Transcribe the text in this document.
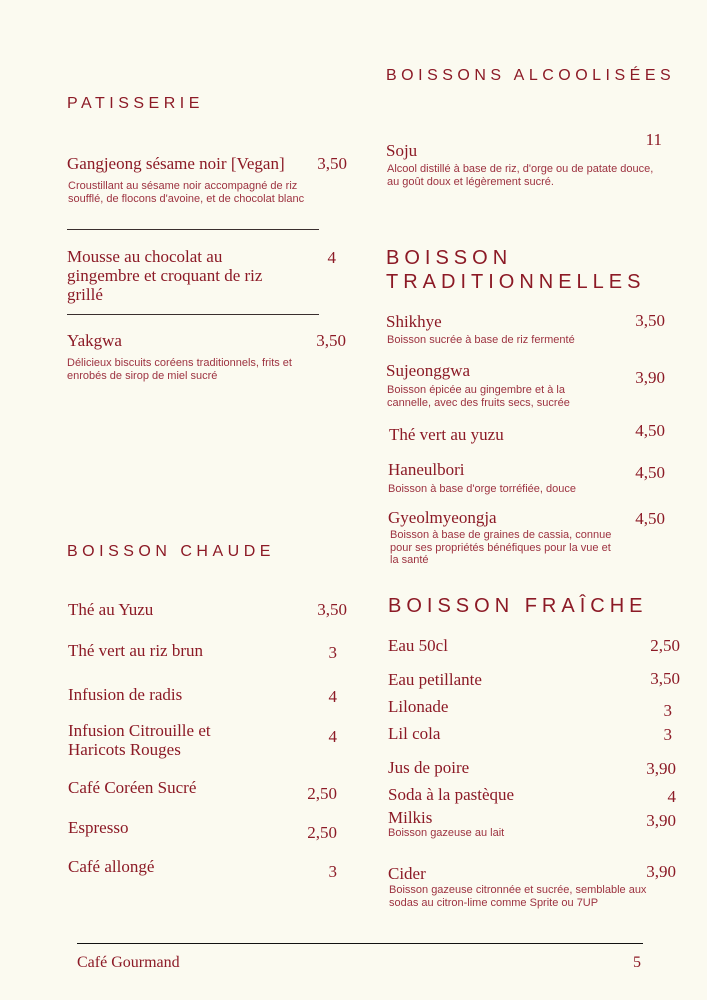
PATISSERIE
Gangjeong sésame noir [Vegan]	3,50
Croustillant au sésame noir accompagné de riz soufflé, de flocons d'avoine, et de chocolat blanc
Mousse au chocolat au gingembre et croquant de riz grillé
4
Yakgwa	3,50
Délicieux biscuits coréens traditionnels, frits et enrobés de sirop de miel sucré
BOISSON CHAUDE
Thé au Yuzu	3,50
Thé vert au riz brun	3
Infusion de radis	4
Infusion Citrouille et Haricots Rouges
4
Café Coréen Sucré	2,50
Espresso	2,50
Café allongé	3
BOISSONS ALCOOLISÉES
Soju
11
Alcool distillé à base de riz, d'orge ou de patate douce, au goût doux et légèrement sucré.
BOISSON
TRADITIONNELLES
Shikhye	3,50
Boisson sucrée à base de riz fermenté
Sujeonggwa	3,90
Boisson épicée au gingembre et à la cannelle, avec des fruits secs, sucrée
Thé vert au yuzu	4,50
Haneulbori	4,50
Boisson à base d'orge torréfiée, douce
Gyeolmyeongja	4,50
Boisson à base de graines de cassia, connue pour ses propriétés bénéfiques pour la vue et la santé
BOISSON FRAÎCHE
Eau 50cl	2,50
Eau petillante	3,50
Lilonade	3
Lil cola	3
Jus de poire	3,90
Soda à la pastèque	4
Milkis	3,90
Boisson gazeuse au lait
Cider	3,90
Boisson gazeuse citronnée et sucrée, semblable aux sodas au citron-lime comme Sprite ou 7UP
Café Gourmand	5
